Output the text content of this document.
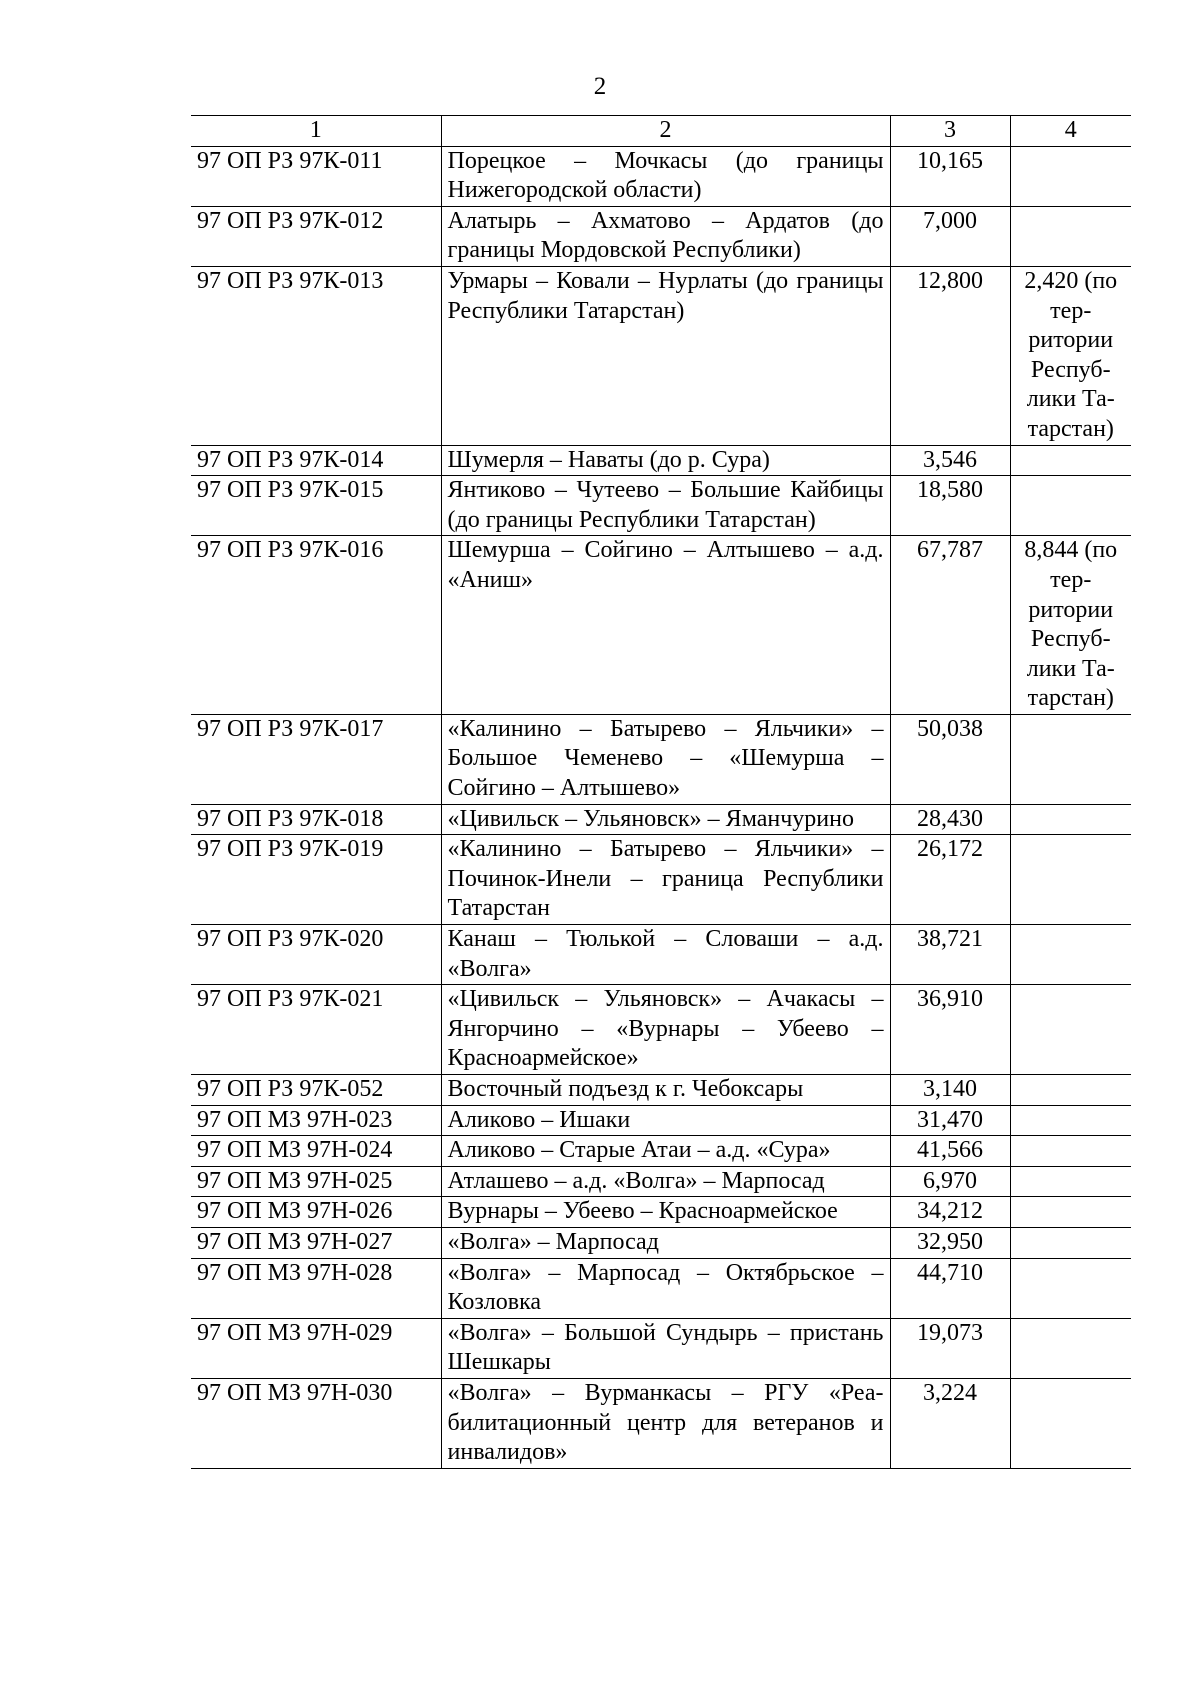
2
1	2	3	4
97 ОП РЗ 97К-011	Порецкое – Мочкасы (до границы Нижегородской области)	10,165	
97 ОП РЗ 97К-012	Алатырь – Ахматово – Ардатов (до границы Мордовской Республики)	7,000	
97 ОП РЗ 97К-013	Урмары – Ковали – Нурлаты (до границы Республики Татарстан)	12,800	2,420 (по территории Республики Татарстан)
97 ОП РЗ 97К-014	Шумерля – Наваты (до р. Сура)	3,546	
97 ОП РЗ 97К-015	Янтиково – Чутеево – Большие Кайбицы (до границы Республики Татарстан)	18,580	
97 ОП РЗ 97К-016	Шемурша – Сойгино – Алтышево – а.д. «Аниш»	67,787	8,844 (по территории Республики Татарстан)
97 ОП РЗ 97К-017	«Калинино – Батырево – Яльчики» – Большое Чеменево – «Шемурша – Сойгино – Алтышево»	50,038	
97 ОП РЗ 97К-018	«Цивильск – Ульяновск» – Яманчурино	28,430	
97 ОП РЗ 97К-019	«Калинино – Батырево – Яльчики» – Починок-Инели – граница Республики Татарстан	26,172	
97 ОП РЗ 97К-020	Канаш – Тюлькой – Словаши – а.д. «Волга»	38,721	
97 ОП РЗ 97К-021	«Цивильск – Ульяновск» – Ачакасы – Янгорчино – «Вурнары – Убеево – Красноармейское»	36,910	
97 ОП РЗ 97К-052	Восточный подъезд к г. Чебоксары	3,140	
97 ОП МЗ 97Н-023	Аликово – Ишаки	31,470	
97 ОП МЗ 97Н-024	Аликово – Старые Атаи – а.д. «Сура»	41,566	
97 ОП МЗ 97Н-025	Атлашево – а.д. «Волга» – Марпосад	6,970	
97 ОП МЗ 97Н-026	Вурнары – Убеево – Красноармейское	34,212	
97 ОП МЗ 97Н-027	«Волга» – Марпосад	32,950	
97 ОП МЗ 97Н-028	«Волга» – Марпосад – Октябрьское – Козловка	44,710	
97 ОП МЗ 97Н-029	«Волга» – Большой Сундырь – пристань Шешкары	19,073	
97 ОП МЗ 97Н-030	«Волга» – Вурманкасы – РГУ «Реабилитационный центр для ветеранов и инвалидов»	3,224	
